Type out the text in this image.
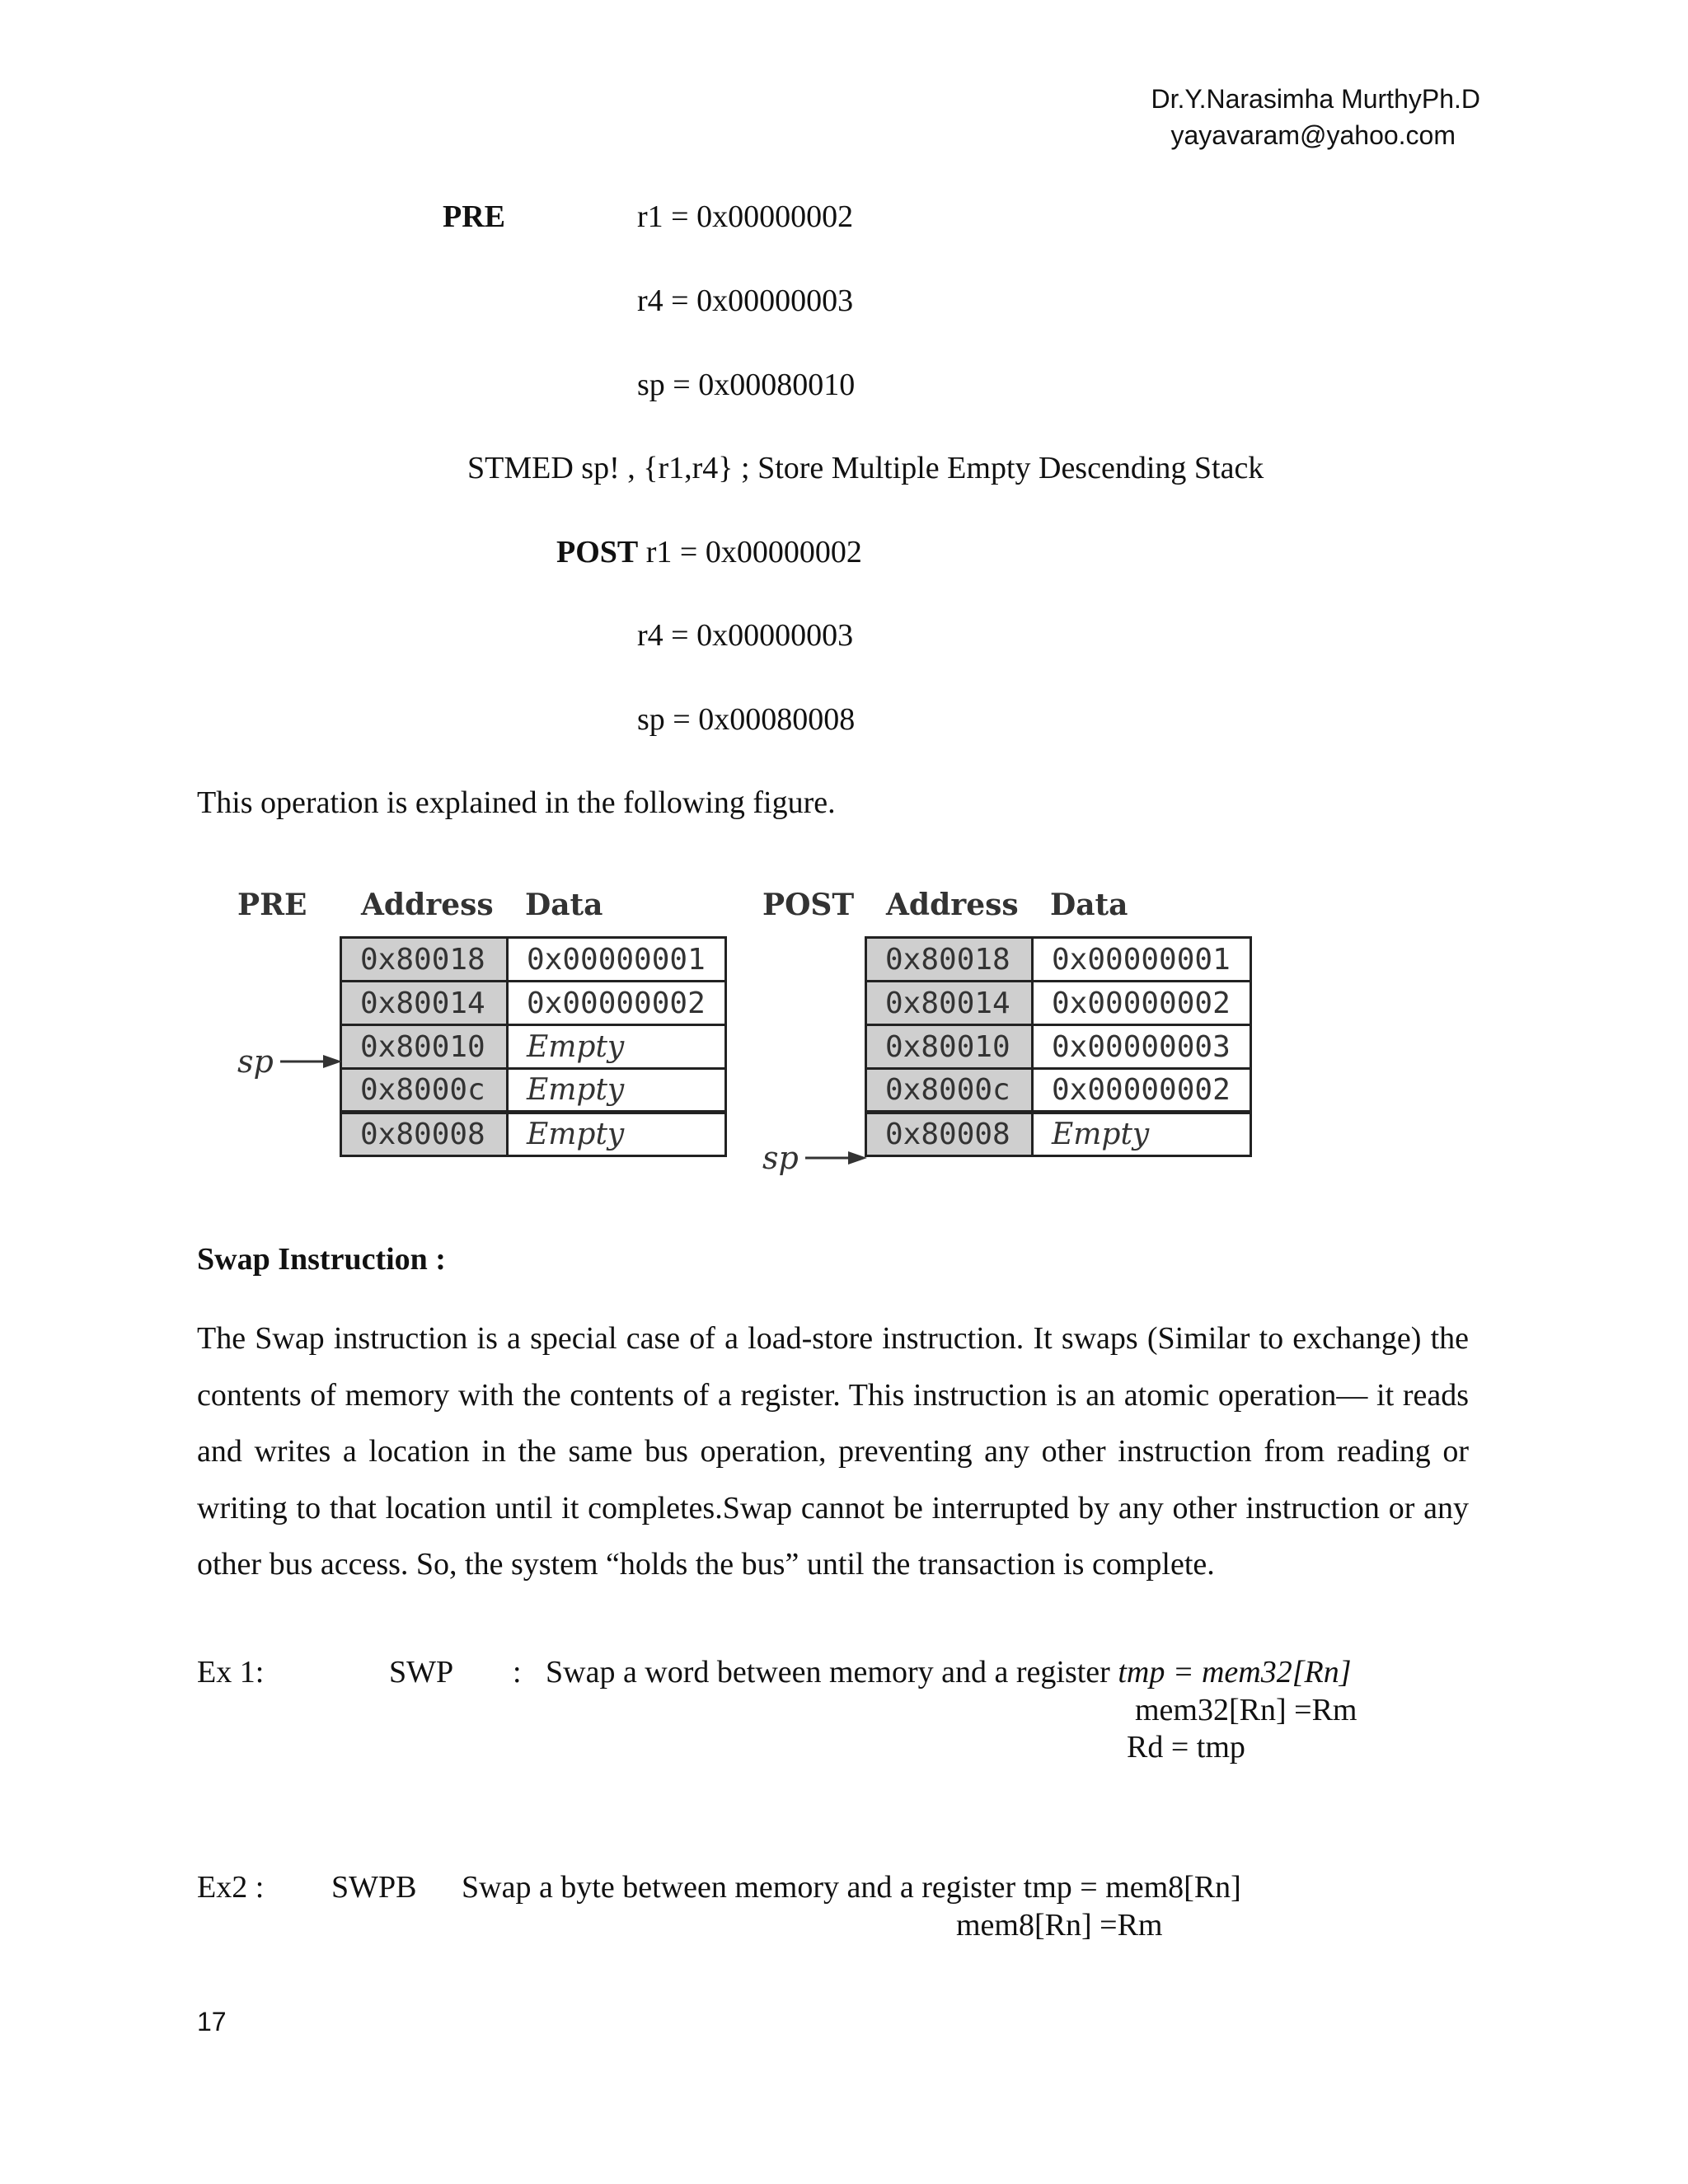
Dr.Y.Narasimha MurthyPh.D
yayavaram@yahoo.com
PRE	r1 = 0x00000002
r4 = 0x00000003
sp = 0x00080010
STMED sp! , {r1,r4} ; Store Multiple Empty Descending Stack
POST r1 = 0x00000002
r4 = 0x00000003
sp = 0x00080008
This operation is explained in the following figure.
PRE Address Data
0x80018	0x00000001
0x80014	0x00000002
0x80010	Empty
0x8000c	Empty
0x80008	Empty
sp
POST Address Data
0x80018	0x00000001
0x80014	0x00000002
0x80010	0x00000003
0x8000c	0x00000002
0x80008	Empty
sp
Swap Instruction :

The Swap instruction is a special case of a load-store instruction. It swaps (Similar to exchange) the contents of memory with the contents of a register. This instruction is an atomic operation— it reads and writes a location in the same bus operation, preventing any other instruction from reading or writing to that location until it completes.Swap cannot be interrupted by any other instruction or any other bus access. So, the system “holds the bus” until the transaction is complete.

Ex 1:	SWP : Swap a word between memory and a register tmp = mem32[Rn]
mem32[Rn] =Rm
Rd = tmp
Ex2 : SWPB Swap a byte between memory and a register tmp = mem8[Rn]
mem8[Rn] =Rm
17
